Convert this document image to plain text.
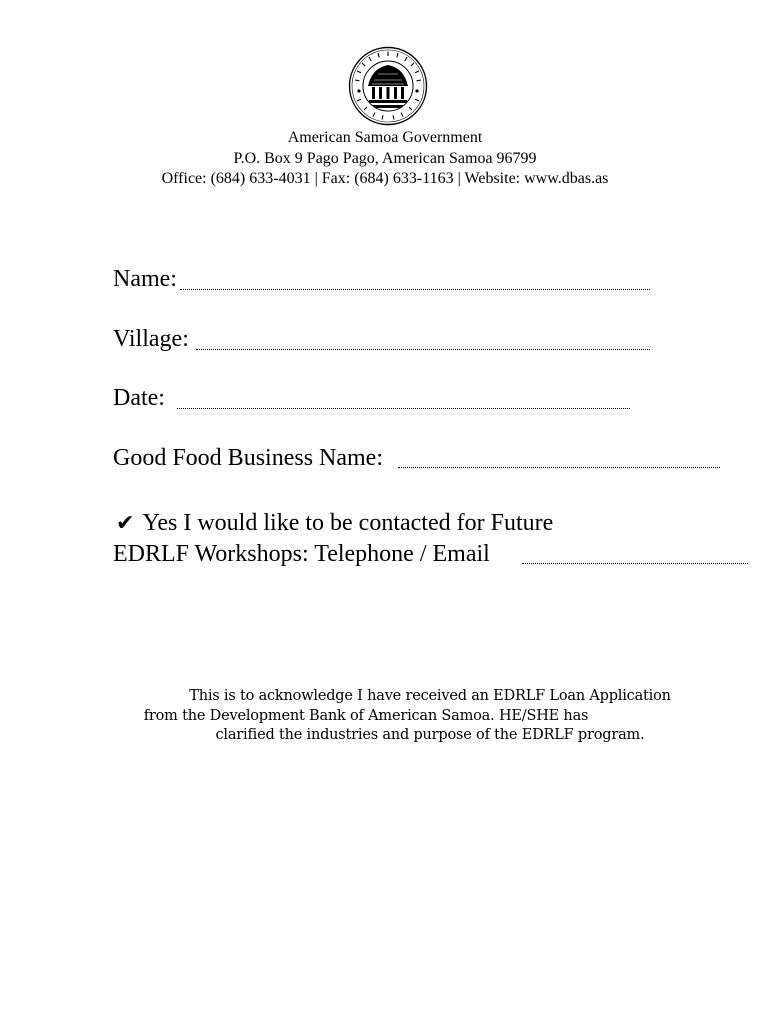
American Samoa Government
P.O. Box 9 Pago Pago, American Samoa 96799
Office: (684) 633-4031 | Fax: (684) 633-1163 | Website: www.dbas.as
Name:
Village:
Date:
Good Food Business Name:
✔ Yes I would like to be contacted for Future
EDRLF Workshops: Telephone / Email
This is to acknowledge I have received an EDRLF Loan Application
from the Development Bank of American Samoa. HE/SHE has
clarified the industries and purpose of the EDRLF program.
